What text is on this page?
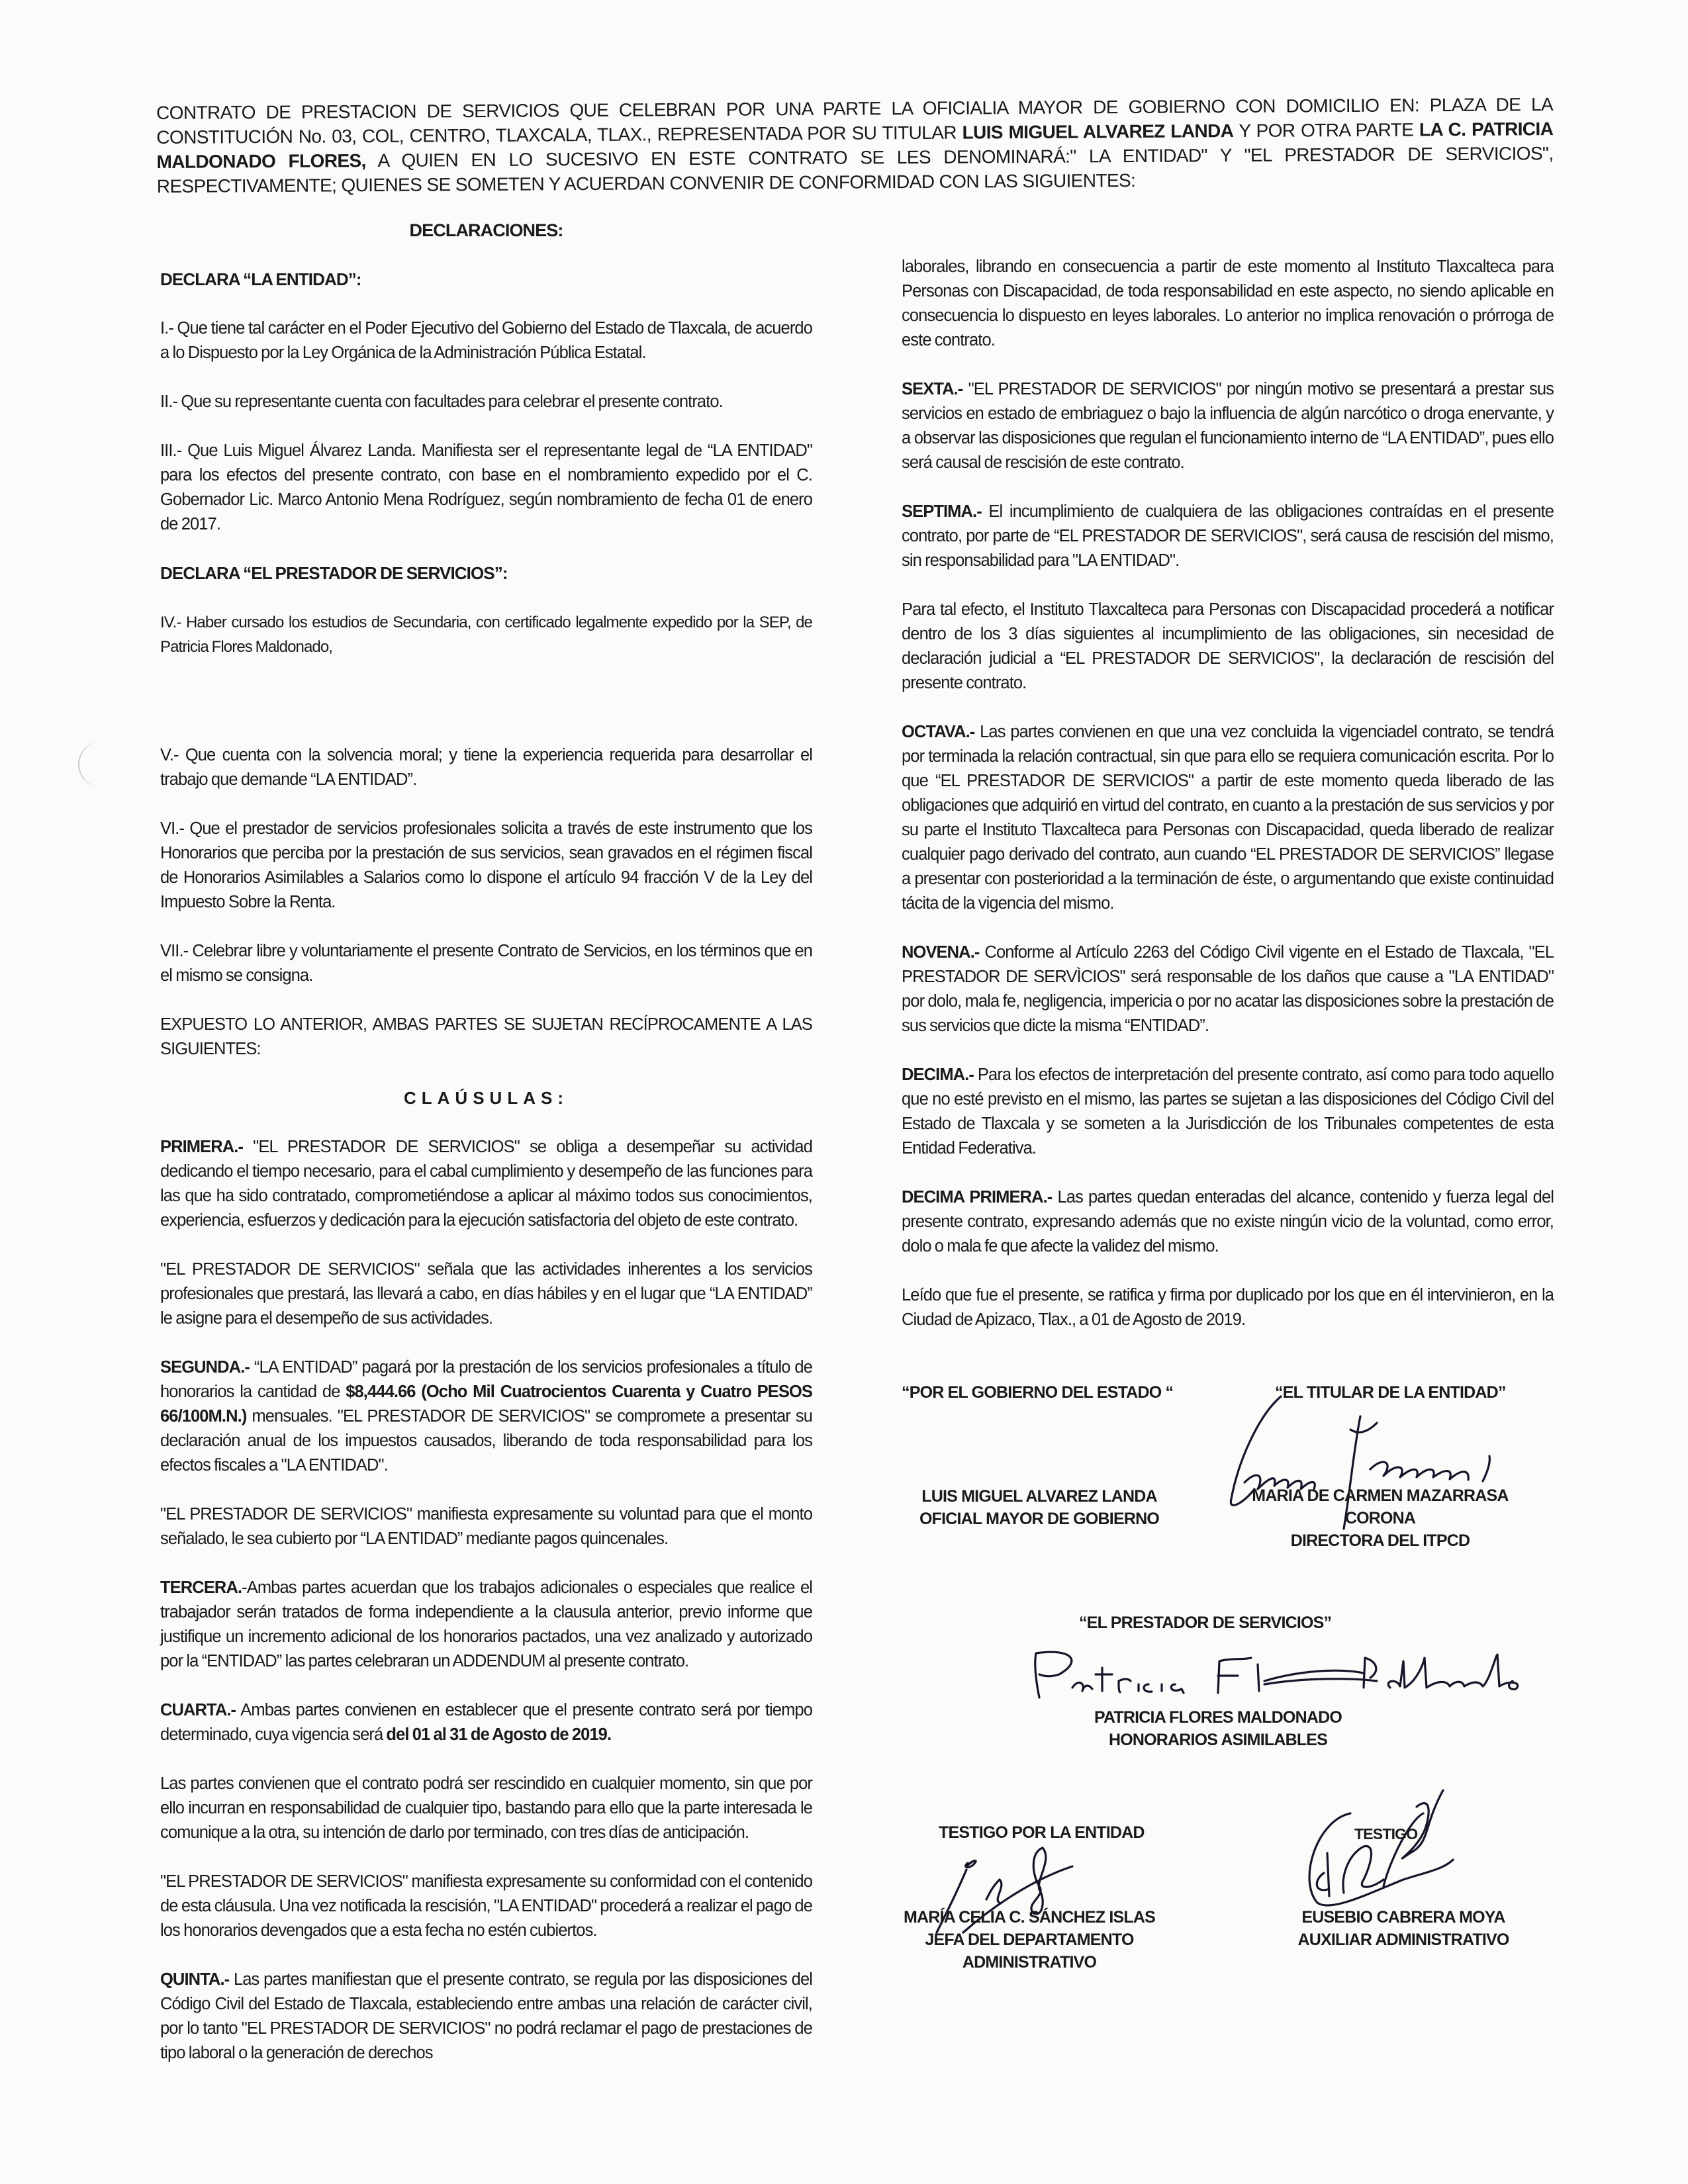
CONTRATO DE PRESTACION DE SERVICIOS QUE CELEBRAN POR UNA PARTE LA OFICIALIA MAYOR DE GOBIERNO CON DOMICILIO EN: PLAZA DE LA CONSTITUCIÓN No. 03, COL, CENTRO, TLAXCALA, TLAX., REPRESENTADA POR SU TITULAR LUIS MIGUEL ALVAREZ LANDA Y POR OTRA PARTE LA C. PATRICIA MALDONADO FLORES, A QUIEN EN LO SUCESIVO EN ESTE CONTRATO SE LES DENOMINARÁ:" LA ENTIDAD" Y "EL PRESTADOR DE SERVICIOS", RESPECTIVAMENTE; QUIENES SE SOMETEN Y ACUERDAN CONVENIR DE CONFORMIDAD CON LAS SIGUIENTES:
DECLARACIONES:
DECLARA “LA ENTIDAD”:

I.- Que tiene tal carácter en el Poder Ejecutivo del Gobierno del Estado de Tlaxcala, de acuerdo a lo Dispuesto por la Ley Orgánica de la Administración Pública Estatal.

II.- Que su representante cuenta con facultades para celebrar el presente contrato.

III.- Que Luis Miguel Álvarez Landa. Manifiesta ser el representante legal de “LA ENTIDAD" para los efectos del presente contrato, con base en el nombramiento expedido por el C. Gobernador Lic. Marco Antonio Mena Rodríguez, según nombramiento de fecha 01 de enero de 2017.

DECLARA “EL PRESTADOR DE SERVICIOS”:

IV.- Haber cursado los estudios de Secundaria, con certificado legalmente expedido por la SEP, de Patricia Flores Maldonado,

V.- Que cuenta con la solvencia moral; y tiene la experiencia requerida para desarrollar el trabajo que demande “LA ENTIDAD”.

VI.- Que el prestador de servicios profesionales solicita a través de este instrumento que los Honorarios que perciba por la prestación de sus servicios, sean gravados en el régimen fiscal de Honorarios Asimilables a Salarios como lo dispone el artículo 94 fracción V de la Ley del Impuesto Sobre la Renta.

VII.- Celebrar libre y voluntariamente el presente Contrato de Servicios, en los términos que en el mismo se consigna.

EXPUESTO LO ANTERIOR, AMBAS PARTES SE SUJETAN RECÍPROCAMENTE A LAS SIGUIENTES:

CLAÚSULAS:

PRIMERA.- "EL PRESTADOR DE SERVICIOS" se obliga a desempeñar su actividad dedicando el tiempo necesario, para el cabal cumplimiento y desempeño de las funciones para las que ha sido contratado, comprometiéndose a aplicar al máximo todos sus conocimientos, experiencia, esfuerzos y dedicación para la ejecución satisfactoria del objeto de este contrato.

"EL PRESTADOR DE SERVICIOS" señala que las actividades inherentes a los servicios profesionales que prestará, las llevará a cabo, en días hábiles y en el lugar que “LA ENTIDAD” le asigne para el desempeño de sus actividades.

SEGUNDA.- “LA ENTIDAD” pagará por la prestación de los servicios profesionales a título de honorarios la cantidad de $8,444.66 (Ocho Mil Cuatrocientos Cuarenta y Cuatro PESOS 66/100M.N.) mensuales. "EL PRESTADOR DE SERVICIOS" se compromete a presentar su declaración anual de los impuestos causados, liberando de toda responsabilidad para los efectos fiscales a "LA ENTIDAD".

"EL PRESTADOR DE SERVICIOS" manifiesta expresamente su voluntad para que el monto señalado, le sea cubierto por “LA ENTIDAD” mediante pagos quincenales.

TERCERA.-Ambas partes acuerdan que los trabajos adicionales o especiales que realice el trabajador serán tratados de forma independiente a la clausula anterior, previo informe que justifique un incremento adicional de los honorarios pactados, una vez analizado y autorizado por la “ENTIDAD” las partes celebraran un ADDENDUM al presente contrato.

CUARTA.- Ambas partes convienen en establecer que el presente contrato será por tiempo determinado, cuya vigencia será del 01 al 31 de Agosto de 2019.

Las partes convienen que el contrato podrá ser rescindido en cualquier momento, sin que por ello incurran en responsabilidad de cualquier tipo, bastando para ello que la parte interesada le comunique a la otra, su intención de darlo por terminado, con tres días de anticipación.

"EL PRESTADOR DE SERVICIOS" manifiesta expresamente su conformidad con el contenido de esta cláusula. Una vez notificada la rescisión, "LA ENTIDAD" procederá a realizar el pago de los honorarios devengados que a esta fecha no estén cubiertos.

QUINTA.- Las partes manifiestan que el presente contrato, se regula por las disposiciones del Código Civil del Estado de Tlaxcala, estableciendo entre ambas una relación de carácter civil, por lo tanto "EL PRESTADOR DE SERVICIOS" no podrá reclamar el pago de prestaciones de tipo laboral o la generación de derechos

laborales, librando en consecuencia a partir de este momento al Instituto Tlaxcalteca para Personas con Discapacidad, de toda responsabilidad en este aspecto, no siendo aplicable en consecuencia lo dispuesto en leyes laborales. Lo anterior no implica renovación o prórroga de este contrato.

SEXTA.- "EL PRESTADOR DE SERVICIOS" por ningún motivo se presentará a prestar sus servicios en estado de embriaguez o bajo la influencia de algún narcótico o droga enervante, y a observar las disposiciones que regulan el funcionamiento interno de “LA ENTIDAD”, pues ello será causal de rescisión de este contrato.

SEPTIMA.- El incumplimiento de cualquiera de las obligaciones contraídas en el presente contrato, por parte de “EL PRESTADOR DE SERVICIOS", será causa de rescisión del mismo, sin responsabilidad para "LA ENTIDAD".

Para tal efecto, el Instituto Tlaxcalteca para Personas con Discapacidad procederá a notificar dentro de los 3 días siguientes al incumplimiento de las obligaciones, sin necesidad de declaración judicial a “EL PRESTADOR DE SERVICIOS", la declaración de rescisión del presente contrato.

OCTAVA.- Las partes convienen en que una vez concluida la vigenciadel contrato, se tendrá por terminada la relación contractual, sin que para ello se requiera comunicación escrita. Por lo que “EL PRESTADOR DE SERVICIOS" a partir de este momento queda liberado de las obligaciones que adquirió en virtud del contrato, en cuanto a la prestación de sus servicios y por su parte el Instituto Tlaxcalteca para Personas con Discapacidad, queda liberado de realizar cualquier pago derivado del contrato, aun cuando “EL PRESTADOR DE SERVICIOS” llegase a presentar con posterioridad a la terminación de éste, o argumentando que existe continuidad tácita de la vigencia del mismo.

NOVENA.- Conforme al Artículo 2263 del Código Civil vigente en el Estado de Tlaxcala, "EL PRESTADOR DE SERVÌCIOS" será responsable de los daños que cause a "LA ENTIDAD" por dolo, mala fe, negligencia, impericia o por no acatar las disposiciones sobre la prestación de sus servicios que dicte la misma “ENTIDAD”.

DECIMA.- Para los efectos de interpretación del presente contrato, así como para todo aquello que no esté previsto en el mismo, las partes se sujetan a las disposiciones del Código Civil del Estado de Tlaxcala y se someten a la Jurisdicción de los Tribunales competentes de esta Entidad Federativa.

DECIMA PRIMERA.- Las partes quedan enteradas del alcance, contenido y fuerza legal del presente contrato, expresando además que no existe ningún vicio de la voluntad, como error, dolo o mala fe que afecte la validez del mismo.

Leído que fue el presente, se ratifica y firma por duplicado por los que en él intervinieron, en la Ciudad de Apizaco, Tlax., a 01 de Agosto de 2019.

“POR EL GOBIERNO DEL ESTADO “	“EL TITULAR DE LA ENTIDAD”
LUIS MIGUEL ALVAREZ LANDA
OFICIAL MAYOR DE GOBIERNO
MARIA DE CARMEN MAZARRASA
CORONA
DIRECTORA DEL ITPCD
“EL PRESTADOR DE SERVICIOS”
PATRICIA FLORES MALDONADO
HONORARIOS ASIMILABLES
TESTIGO POR LA ENTIDAD
MARÍA CELIA C. SÁNCHEZ ISLAS
JEFA DEL DEPARTAMENTO
ADMINISTRATIVO
TESTIGO
EUSEBIO CABRERA MOYA
AUXILIAR ADMINISTRATIVO
